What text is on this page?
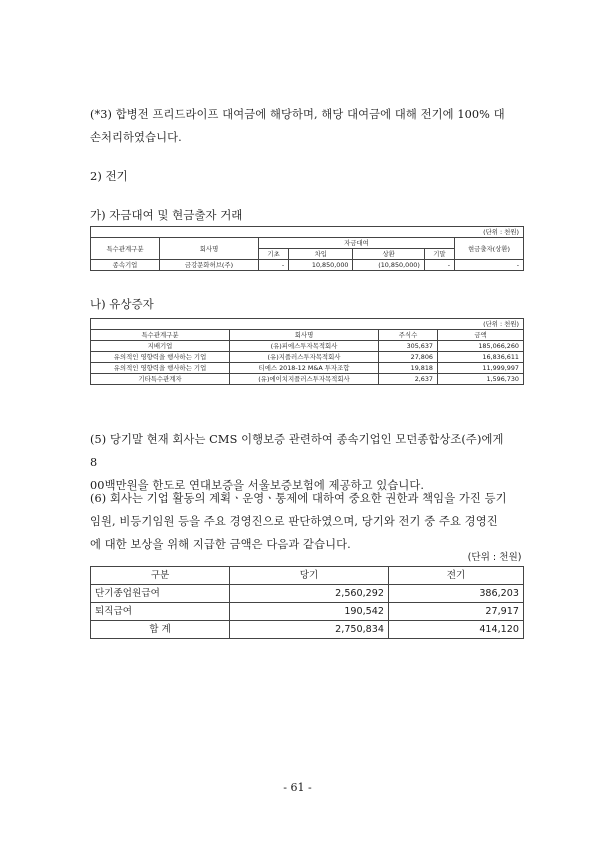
(*3) 합병전 프리드라이프 대여금에 해당하며, 해당 대여금에 대해 전기에 100% 대
손처리하였습니다.
2) 전기
가) 자금대여 및 현금출자 거래
(단위 : 천원)						
특수관계구분	회사명	자금대여				현금출자(상환)
		기초	차입	상환	기말	
종속기업	금강문화허브(주)	-	10,850,000	(10,850,000)	-	-
나) 유상증자
(단위 : 천원)			
특수관계구분	회사명	주식수	금액
지배기업	(유)피에스투자목적회사	305,637	185,066,260
유의적인 영향력을 행사하는 기업	(유)지플러스투자목적회사	27,806	16,836,611
유의적인 영향력을 행사하는 기업	티에스 2018-12 M&A 투자조합	19,818	11,999,997
기타특수관계자	(유)에이치지플러스투자목적회사	2,637	1,596,730
(5) 당기말 현재 회사는 CMS 이행보증 관련하여 종속기업인 모던종합상조(주)에게 8
00백만원을 한도로 연대보증을 서울보증보험에 제공하고 있습니다.
(6) 회사는 기업 활동의 계획ㆍ운영ㆍ통제에 대하여 중요한 권한과 책임을 가진 등기
임원, 비등기임원 등을 주요 경영진으로 판단하였으며, 당기와 전기 중 주요 경영진
에 대한 보상을 위해 지급한 금액은 다음과 같습니다.
(단위 : 천원)		
구분	당기	전기
단기종업원급여	2,560,292	386,203
퇴직급여	190,542	27,917
합 계	2,750,834	414,120
- 61 -
